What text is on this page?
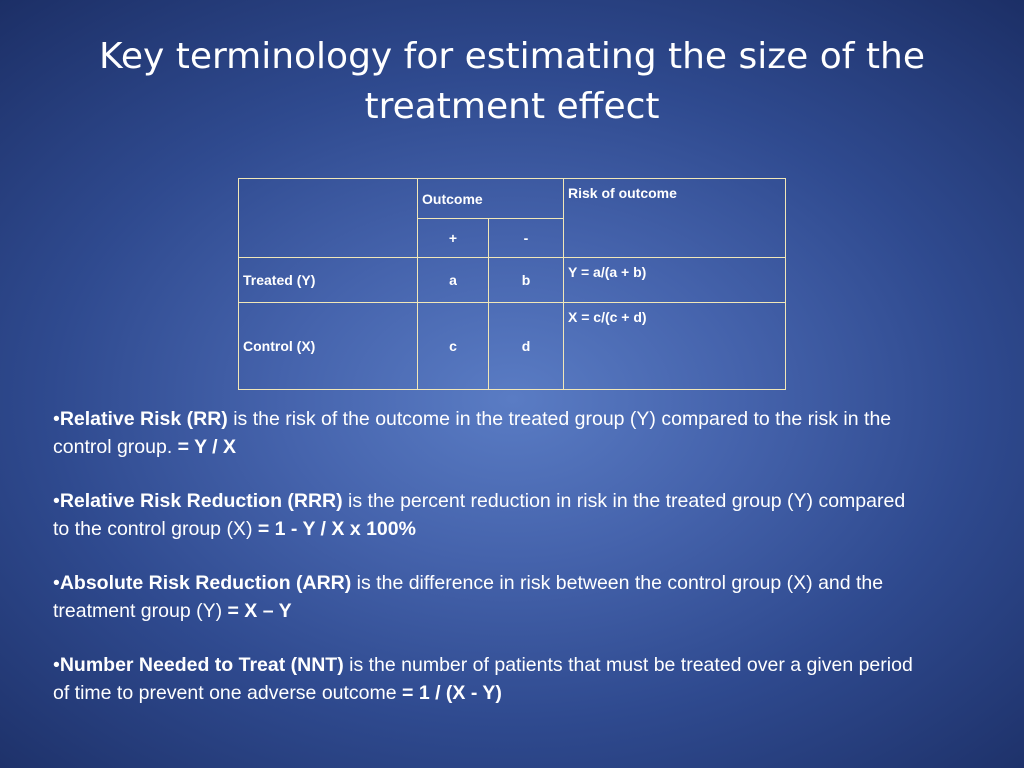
Key terminology for estimating the size of the treatment effect
	Outcome		Risk of outcome
	+	-	
Treated (Y)	a	b	Y = a/(a + b)
Control (X)	c	d	X = c/(c + d)

•Relative Risk (RR) is the risk of the outcome in the treated group (Y) compared to the risk in the control group. = Y / X

•Relative Risk Reduction (RRR) is the percent reduction in risk in the treated group (Y) compared to the control group (X) = 1 - Y / X x 100%

•Absolute Risk Reduction (ARR) is the difference in risk between the control group (X) and the treatment group (Y) = X – Y

•Number Needed to Treat (NNT) is the number of patients that must be treated over a given period of time to prevent one adverse outcome = 1 / (X - Y)
